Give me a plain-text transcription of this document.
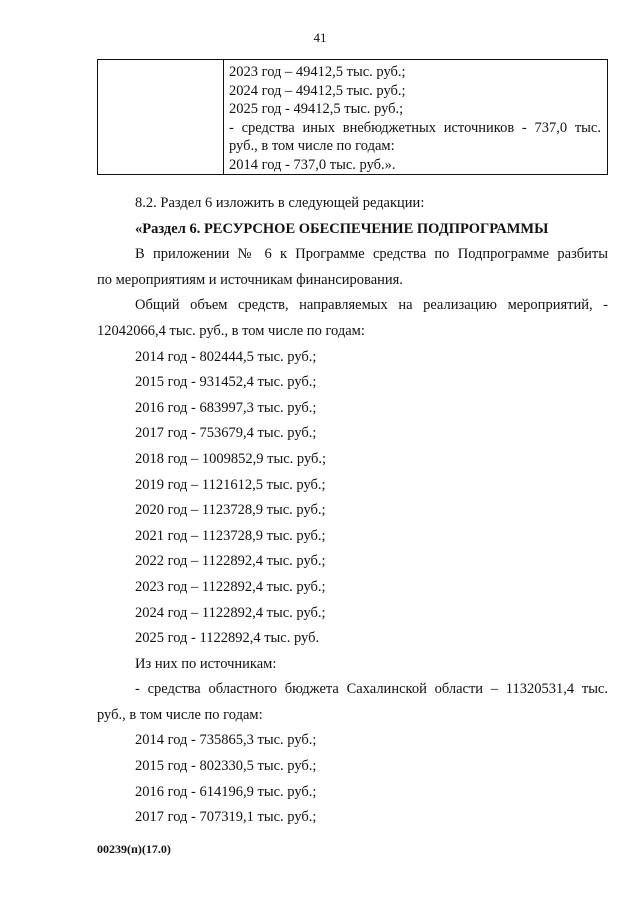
41
2023 год – 49412,5 тыс. руб.;
2024 год – 49412,5 тыс. руб.;
2025 год - 49412,5 тыс. руб.;
- средства иных внебюджетных источников - 737,0 тыс.
руб., в том числе по годам:
2014 год - 737,0 тыс. руб.».
8.2. Раздел 6 изложить в следующей редакции:
«Раздел 6. РЕСУРСНОЕ ОБЕСПЕЧЕНИЕ ПОДПРОГРАММЫ
В приложении № 6 к Программе средства по Подпрограмме разбиты
по мероприятиям и источникам финансирования.
Общий объем средств, направляемых на реализацию мероприятий, -
12042066,4 тыс. руб., в том числе по годам:
2014 год - 802444,5 тыс. руб.;
2015 год - 931452,4 тыс. руб.;
2016 год - 683997,3 тыс. руб.;
2017 год - 753679,4 тыс. руб.;
2018 год – 1009852,9 тыс. руб.;
2019 год – 1121612,5 тыс. руб.;
2020 год – 1123728,9 тыс. руб.;
2021 год – 1123728,9 тыс. руб.;
2022 год – 1122892,4 тыс. руб.;
2023 год – 1122892,4 тыс. руб.;
2024 год – 1122892,4 тыс. руб.;
2025 год - 1122892,4 тыс. руб.
Из них по источникам:
- средства областного бюджета Сахалинской области – 11320531,4 тыс.
руб., в том числе по годам:
2014 год - 735865,3 тыс. руб.;
2015 год - 802330,5 тыс. руб.;
2016 год - 614196,9 тыс. руб.;
2017 год - 707319,1 тыс. руб.;
00239(п)(17.0)
